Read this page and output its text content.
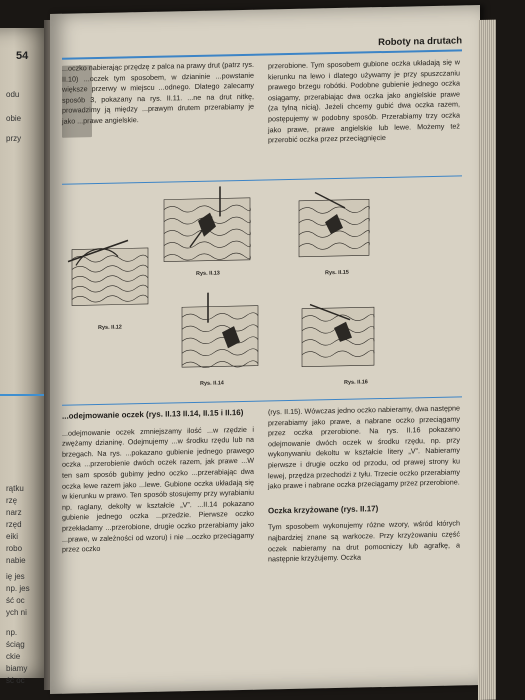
54
odu
obie
przy
rątku
rzę
narz
rzęd
eiki
robo
nabie
ię jes
np. jes
ść oc
ych ni
np.
ściąg
ckie
biamy
ść oc
Roboty na drutach

...oczko nabierając przędzę z palca na prawy drut (patrz rys. II.10) ...oczek tym sposobem, w dzianinie ...powstanie większe przerwy w miejscu ...odnego. Dlatego zalecamy sposób 3, pokazany na rys. II.11. ...ne na drut nitkę, prowadzimy ją między ...prawym drutem przerabiamy je jako ...prawe angielskie.

przerobione. Tym sposobem gubione oczka układają się w kierunku na lewo i dlatego używamy je przy spuszczaniu prawego brzegu robótki. Podobne gubienie jednego oczka osiągamy, przerabiając dwa oczka jako angielskie prawe (za tylną nicią). Jeżeli chcemy gubić dwa oczka razem, postępujemy w podobny sposób. Przerabiamy trzy oczka jako prawe, prawe angielskie lub lewe. Możemy też przerobić oczka przez przeciągnięcie

Rys. II.12
Rys. II.13	Rys. II.15
Rys. II.14	Rys. II.16

...odejmowanie oczek (rys. II.13 II.14, II.15 i II.16)

...odejmowanie oczek zmniejszamy ilość ...w rzędzie i zwężamy dzianinę. Odejmujemy ...w środku rzędu lub na brzegach. Na rys. ...pokazano gubienie jednego prawego oczka ...przerobienie dwóch oczek razem, jak prawe ...W ten sam sposób gubimy jedno oczko ...przerabiając dwa oczka lewe razem jako ...lewe. Gubione oczka układają się w kierunku w prawo. Ten sposób stosujemy przy wyrabianiu np. raglany, dekolty w kształcie „V”. ...II.14 pokazano gubienie jednego oczka ...przedzie. Pierwsze oczko przekładamy ...przerobione, drugie oczko przerabiamy jako ...prawe, w zależności od wzoru) i nie ...oczko przeciągamy przez oczko

(rys. II.15). Wówczas jedno oczko nabieramy, dwa następne przerabiamy jako prawe, a nabrane oczko przeciągamy przez oczka przerobione. Na rys. II.16 pokazano odejmowanie dwóch oczek w środku rzędu, np. przy wykonywaniu dekoltu w kształcie litery „V”. Nabieramy pierwsze i drugie oczko od przodu, od prawej strony ku lewej, przędza przechodzi z tyłu. Trzecie oczko przerabiamy jako prawe i nabrane oczka przeciągamy przez przerobione.

Oczka krzyżowane (rys. II.17)

Tym sposobem wykonujemy różne wzory, wśród których najbardziej znane są warkocze. Przy krzyżowaniu część oczek nabieramy na drut pomocniczy lub agrafkę, a następnie krzyżujemy. Oczka
